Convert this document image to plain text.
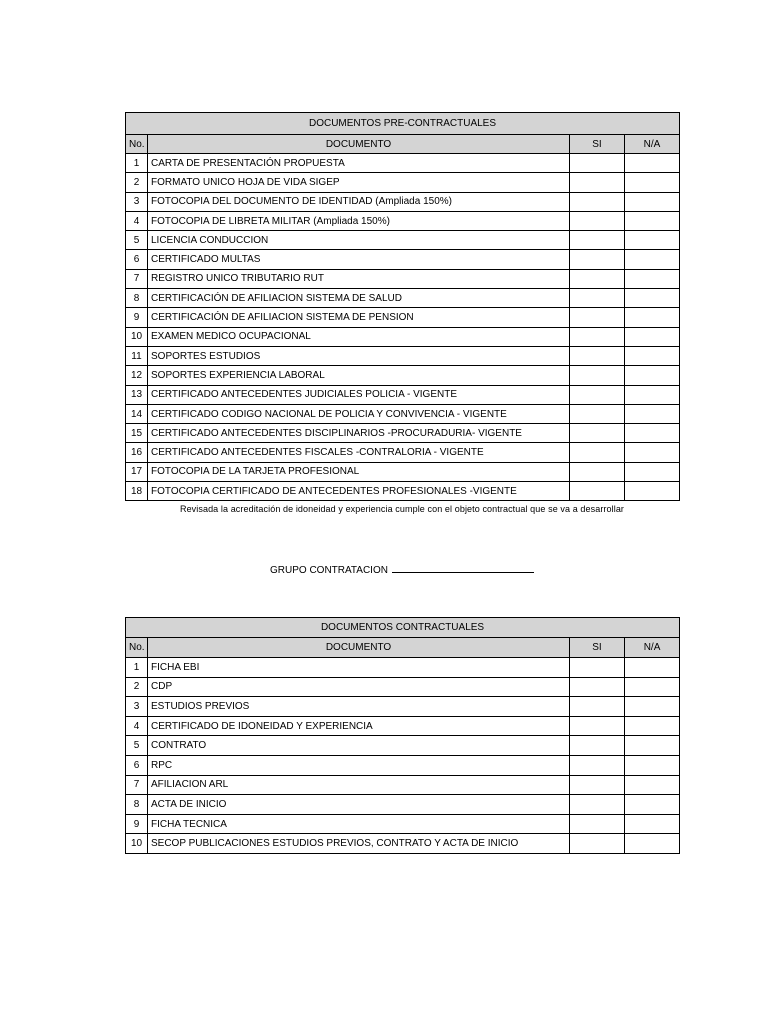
DOCUMENTOS PRE-CONTRACTUALES			
No.	DOCUMENTO	SI	N/A
1	CARTA DE PRESENTACIÓN PROPUESTA		
2	FORMATO UNICO HOJA DE VIDA SIGEP		
3	FOTOCOPIA DEL DOCUMENTO DE IDENTIDAD (Ampliada 150%)		
4	FOTOCOPIA DE LIBRETA MILITAR (Ampliada 150%)		
5	LICENCIA CONDUCCION		
6	CERTIFICADO MULTAS		
7	REGISTRO UNICO TRIBUTARIO RUT		
8	CERTIFICACIÓN DE AFILIACION SISTEMA DE SALUD		
9	CERTIFICACIÓN DE AFILIACION SISTEMA DE PENSION		
10	EXAMEN MEDICO OCUPACIONAL		
11	SOPORTES ESTUDIOS		
12	SOPORTES EXPERIENCIA LABORAL		
13	CERTIFICADO ANTECEDENTES JUDICIALES POLICIA - VIGENTE		
14	CERTIFICADO CODIGO NACIONAL DE POLICIA Y CONVIVENCIA - VIGENTE		
15	CERTIFICADO ANTECEDENTES DISCIPLINARIOS -PROCURADURIA- VIGENTE		
16	CERTIFICADO ANTECEDENTES FISCALES -CONTRALORIA - VIGENTE		
17	FOTOCOPIA DE LA TARJETA PROFESIONAL		
18	FOTOCOPIA CERTIFICADO DE ANTECEDENTES PROFESIONALES -VIGENTE		
Revisada la acreditación de idoneidad y experiencia cumple con el objeto contractual que se va a desarrollar
GRUPO CONTRATACION
DOCUMENTOS CONTRACTUALES			
No.	DOCUMENTO	SI	N/A
1	FICHA EBI		
2	CDP		
3	ESTUDIOS PREVIOS		
4	CERTIFICADO DE IDONEIDAD Y EXPERIENCIA		
5	CONTRATO		
6	RPC		
7	AFILIACION ARL		
8	ACTA DE INICIO		
9	FICHA TECNICA		
10	SECOP PUBLICACIONES ESTUDIOS PREVIOS, CONTRATO Y ACTA DE INICIO		
